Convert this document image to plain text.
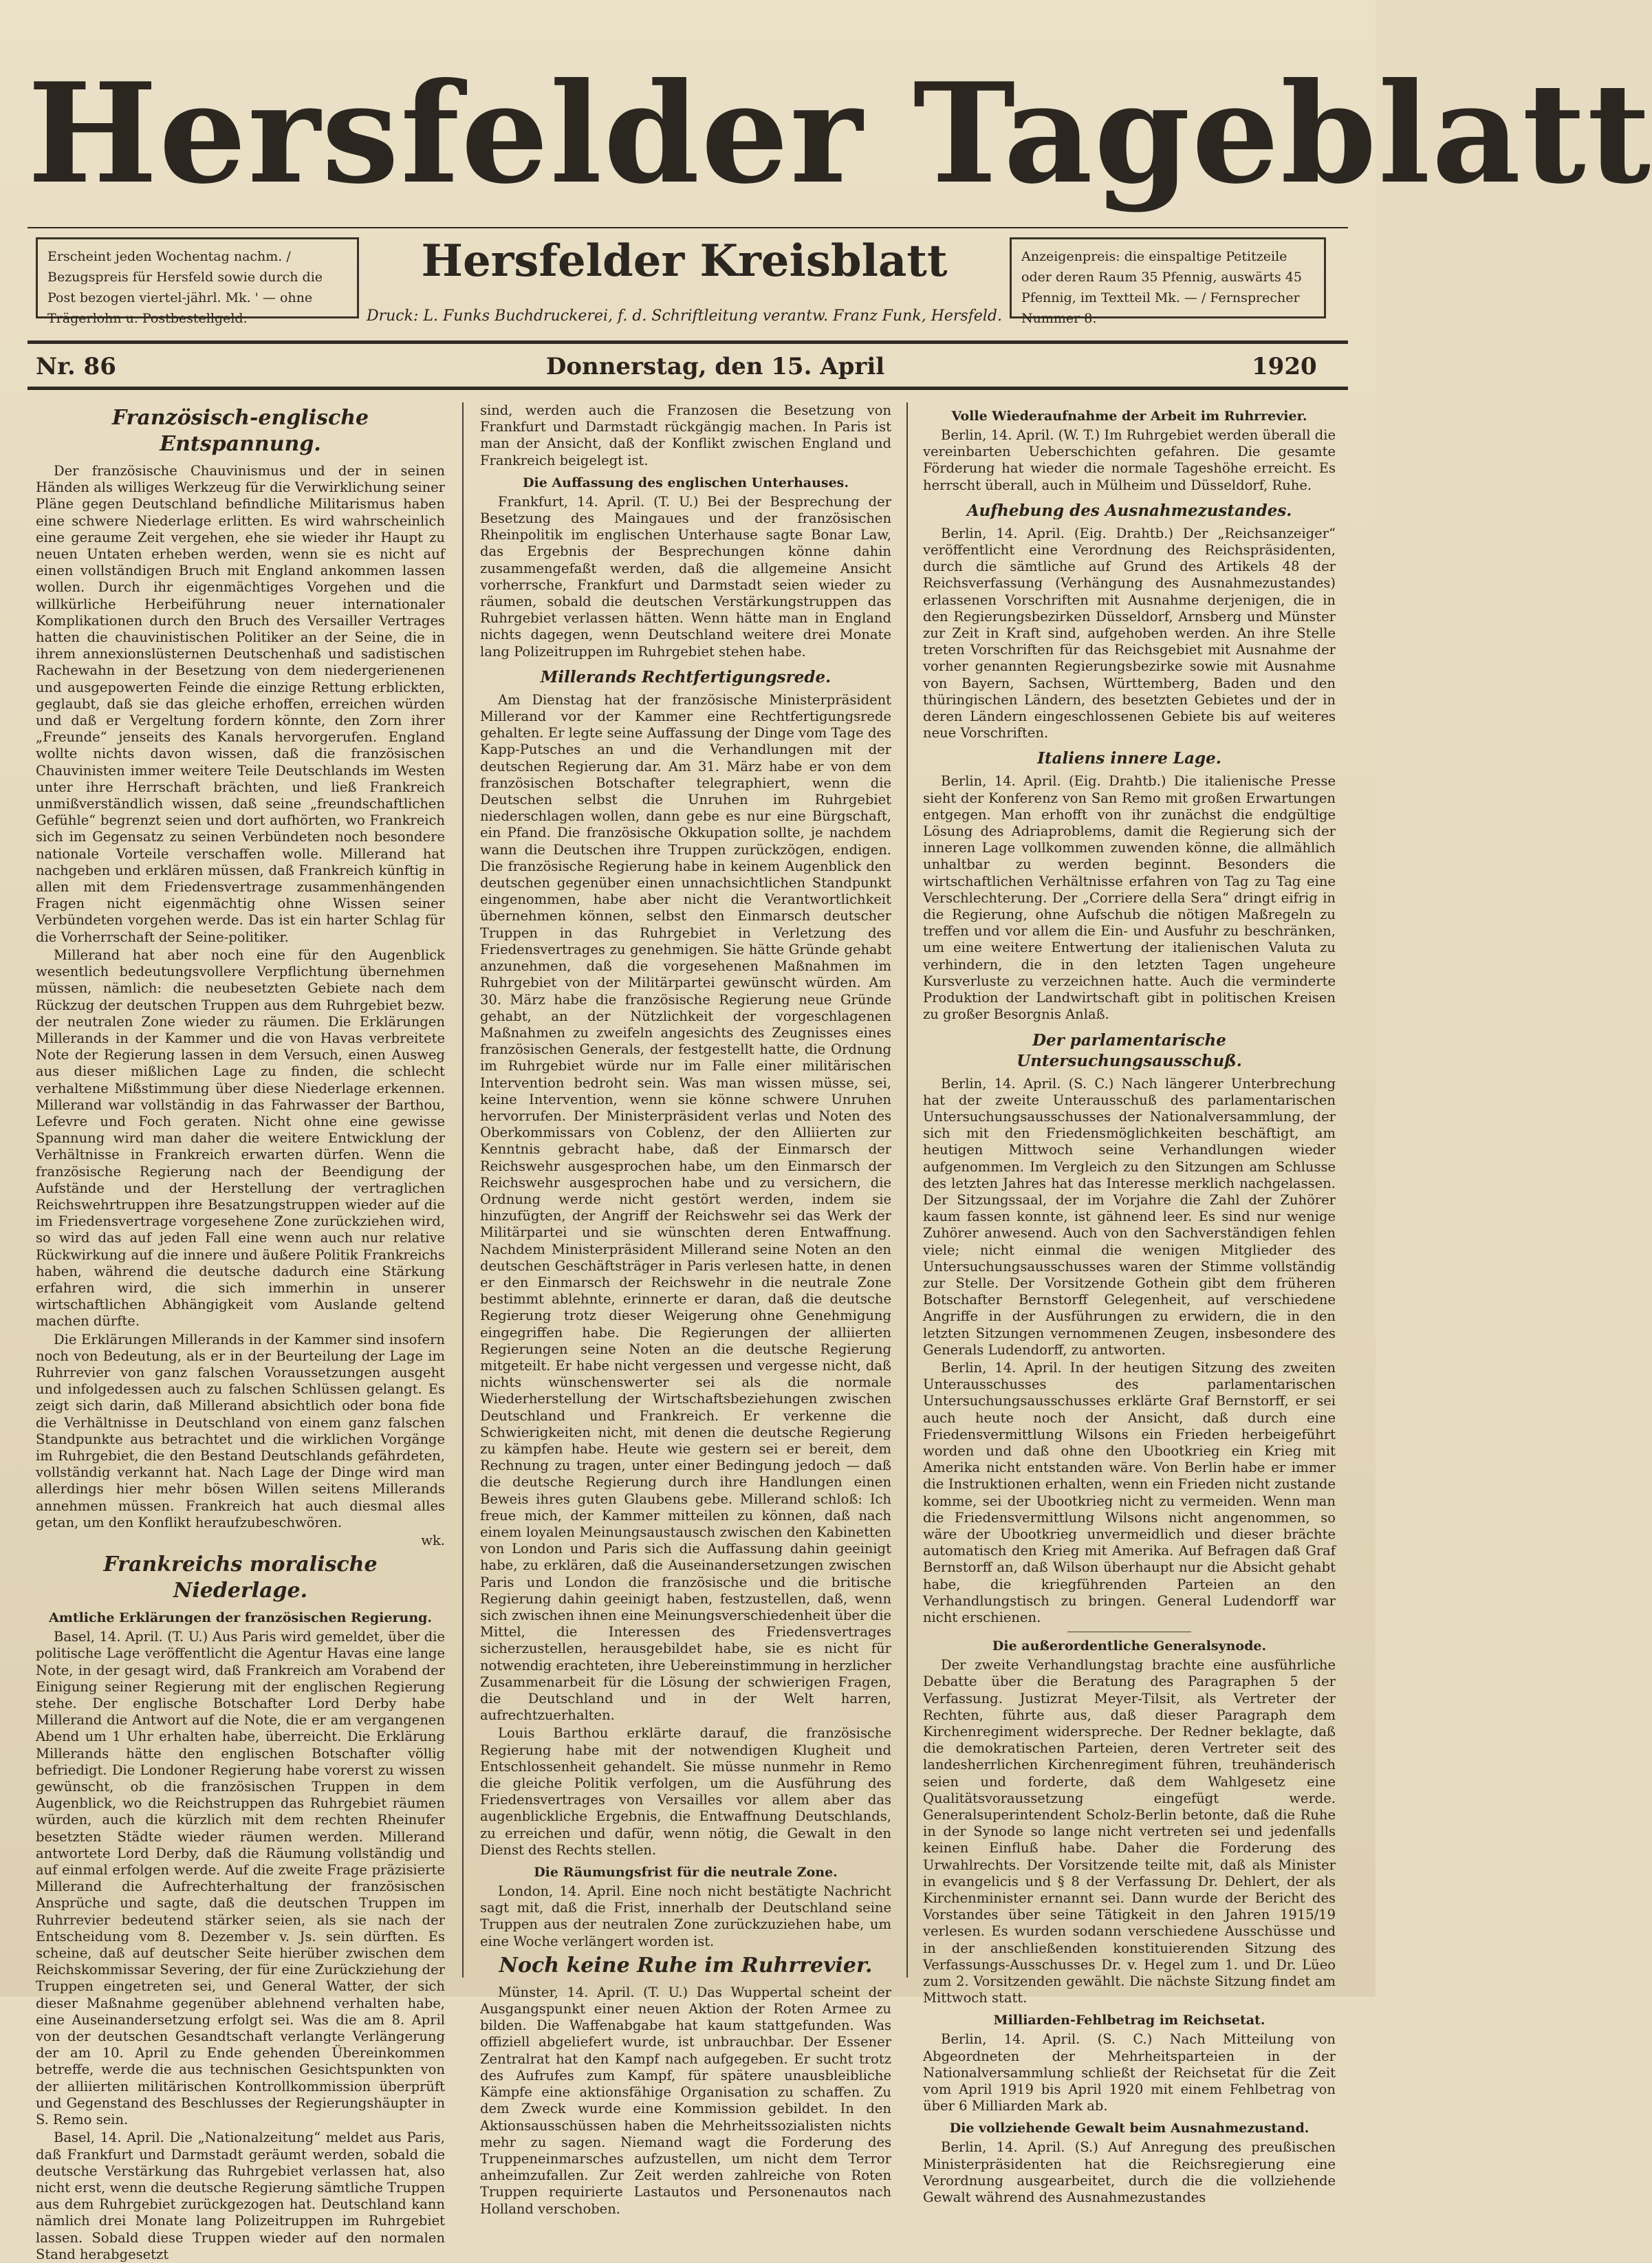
Hersfelder Tageblatt
Erscheint jeden Wochentag nachm. / Bezugspreis für Hersfeld sowie durch die Post bezogen viertel-jährl. Mk. ' — ohne Trägerlohn u. Postbestellgeld.
Hersfelder Kreisblatt
Druck: L. Funks Buchdruckerei, f. d. Schriftleitung verantw. Franz Funk, Hersfeld.
Anzeigenpreis: die einspaltige Petitzeile oder deren Raum 35 Pfennig, auswärts 45 Pfennig, im Textteil Mk. — / Fernsprecher Nummer 8.
Nr. 86	Donnerstag, den 15. April	1920
Französisch-englische Entspannung.

Der französische Chauvinismus und der in seinen Händen als williges Werkzeug für die Verwirklichung seiner Pläne gegen Deutschland befindliche Militarismus haben eine schwere Niederlage erlitten. Es wird wahrscheinlich eine geraume Zeit vergehen, ehe sie wieder ihr Haupt zu neuen Untaten erheben werden, wenn sie es nicht auf einen vollständigen Bruch mit England ankommen lassen wollen. Durch ihr eigenmächtiges Vorgehen und die willkürliche Herbeiführung neuer internationaler Komplikationen durch den Bruch des Versailler Vertrages hatten die chauvinistischen Politiker an der Seine, die in ihrem annexionslüsternen Deutschenhaß und sadistischen Rachewahn in der Besetzung von dem niedergerienenen und ausgepowerten Feinde die einzige Rettung erblickten, geglaubt, daß sie das gleiche erhoffen, erreichen würden und daß er Vergeltung fordern könnte, den Zorn ihrer „Freunde“ jenseits des Kanals hervorgerufen. England wollte nichts davon wissen, daß die französischen Chauvinisten immer weitere Teile Deutschlands im Westen unter ihre Herrschaft brächten, und ließ Frankreich unmißverständlich wissen, daß seine „freundschaftlichen Gefühle“ begrenzt seien und dort aufhörten, wo Frankreich sich im Gegensatz zu seinen Verbündeten noch besondere nationale Vorteile verschaffen wolle. Millerand hat nachgeben und erklären müssen, daß Frankreich künftig in allen mit dem Friedensvertrage zusammenhängenden Fragen nicht eigenmächtig ohne Wissen seiner Verbündeten vorgehen werde. Das ist ein harter Schlag für die Vorherrschaft der Seine-politiker.

Millerand hat aber noch eine für den Augenblick wesentlich bedeutungsvollere Verpflichtung übernehmen müssen, nämlich: die neubesetzten Gebiete nach dem Rückzug der deutschen Truppen aus dem Ruhrgebiet bezw. der neutralen Zone wieder zu räumen. Die Erklärungen Millerands in der Kammer und die von Havas verbreitete Note der Regierung lassen in dem Versuch, einen Ausweg aus dieser mißlichen Lage zu finden, die schlecht verhaltene Mißstimmung über diese Niederlage erkennen. Millerand war vollständig in das Fahrwasser der Barthou, Lefevre und Foch geraten. Nicht ohne eine gewisse Spannung wird man daher die weitere Entwicklung der Verhältnisse in Frankreich erwarten dürfen. Wenn die französische Regierung nach der Beendigung der Aufstände und der Herstellung der vertraglichen Reichswehrtruppen ihre Besatzungstruppen wieder auf die im Friedensvertrage vorgesehene Zone zurückziehen wird, so wird das auf jeden Fall eine wenn auch nur relative Rückwirkung auf die innere und äußere Politik Frankreichs haben, während die deutsche dadurch eine Stärkung erfahren wird, die sich immerhin in unserer wirtschaftlichen Abhängigkeit vom Auslande geltend machen dürfte.

Die Erklärungen Millerands in der Kammer sind insofern noch von Bedeutung, als er in der Beurteilung der Lage im Ruhrrevier von ganz falschen Voraussetzungen ausgeht und infolgedessen auch zu falschen Schlüssen gelangt. Es zeigt sich darin, daß Millerand absichtlich oder bona fide die Verhältnisse in Deutschland von einem ganz falschen Standpunkte aus betrachtet und die wirklichen Vorgänge im Ruhrgebiet, die den Bestand Deutschlands gefährdeten, vollständig verkannt hat. Nach Lage der Dinge wird man allerdings hier mehr bösen Willen seitens Millerands annehmen müssen. Frankreich hat auch diesmal alles getan, um den Konflikt heraufzubeschwören.

wk.
Frankreichs moralische Niederlage.
Amtliche Erklärungen der französischen Regierung.

Basel, 14. April. (T. U.) Aus Paris wird gemeldet, über die politische Lage veröffentlicht die Agentur Havas eine lange Note, in der gesagt wird, daß Frankreich am Vorabend der Einigung seiner Regierung mit der englischen Regierung stehe. Der englische Botschafter Lord Derby habe Millerand die Antwort auf die Note, die er am vergangenen Abend um 1 Uhr erhalten habe, überreicht. Die Erklärung Millerands hätte den englischen Botschafter völlig befriedigt. Die Londoner Regierung habe vorerst zu wissen gewünscht, ob die französischen Truppen in dem Augenblick, wo die Reichstruppen das Ruhrgebiet räumen würden, auch die kürzlich mit dem rechten Rheinufer besetzten Städte wieder räumen werden. Millerand antwortete Lord Derby, daß die Räumung vollständig und auf einmal erfolgen werde. Auf die zweite Frage präzisierte Millerand die Aufrechterhaltung der französischen Ansprüche und sagte, daß die deutschen Truppen im Ruhrrevier bedeutend stärker seien, als sie nach der Entscheidung vom 8. Dezember v. Js. sein dürften. Es scheine, daß auf deutscher Seite hierüber zwischen dem Reichskommissar Severing, der für eine Zurückziehung der Truppen eingetreten sei, und General Watter, der sich dieser Maßnahme gegenüber ablehnend verhalten habe, eine Auseinandersetzung erfolgt sei. Was die am 8. April von der deutschen Gesandtschaft verlangte Verlängerung der am 10. April zu Ende gehenden Übereinkommen betreffe, werde die aus technischen Gesichtspunkten von der alliierten militärischen Kontrollkommission überprüft und Gegenstand des Beschlusses der Regierungshäupter in S. Remo sein.

Basel, 14. April. Die „Nationalzeitung“ meldet aus Paris, daß Frankfurt und Darmstadt geräumt werden, sobald die deutsche Verstärkung das Ruhrgebiet verlassen hat, also nicht erst, wenn die deutsche Regierung sämtliche Truppen aus dem Ruhrgebiet zurückgezogen hat. Deutschland kann nämlich drei Monate lang Polizeitruppen im Ruhrgebiet lassen. Sobald diese Truppen wieder auf den normalen Stand herabgesetzt

sind, werden auch die Franzosen die Besetzung von Frankfurt und Darmstadt rückgängig machen. In Paris ist man der Ansicht, daß der Konflikt zwischen England und Frankreich beigelegt ist.

Die Auffassung des englischen Unterhauses.

Frankfurt, 14. April. (T. U.) Bei der Besprechung der Besetzung des Maingaues und der französischen Rheinpolitik im englischen Unterhause sagte Bonar Law, das Ergebnis der Besprechungen könne dahin zusammengefaßt werden, daß die allgemeine Ansicht vorherrsche, Frankfurt und Darmstadt seien wieder zu räumen, sobald die deutschen Verstärkungstruppen das Ruhrgebiet verlassen hätten. Wenn hätte man in England nichts dagegen, wenn Deutschland weitere drei Monate lang Polizeitruppen im Ruhrgebiet stehen habe.

Millerands Rechtfertigungsrede.

Am Dienstag hat der französische Ministerpräsident Millerand vor der Kammer eine Rechtfertigungsrede gehalten. Er legte seine Auffassung der Dinge vom Tage des Kapp-Putsches an und die Verhandlungen mit der deutschen Regierung dar. Am 31. März habe er von dem französischen Botschafter telegraphiert, wenn die Deutschen selbst die Unruhen im Ruhrgebiet niederschlagen wollen, dann gebe es nur eine Bürgschaft, ein Pfand. Die französische Okkupation sollte, je nachdem wann die Deutschen ihre Truppen zurückzögen, endigen. Die französische Regierung habe in keinem Augenblick den deutschen gegenüber einen unnachsichtlichen Standpunkt eingenommen, habe aber nicht die Verantwortlichkeit übernehmen können, selbst den Einmarsch deutscher Truppen in das Ruhrgebiet in Verletzung des Friedensvertrages zu genehmigen. Sie hätte Gründe gehabt anzunehmen, daß die vorgesehenen Maßnahmen im Ruhrgebiet von der Militärpartei gewünscht würden. Am 30. März habe die französische Regierung neue Gründe gehabt, an der Nützlichkeit der vorgeschlagenen Maßnahmen zu zweifeln angesichts des Zeugnisses eines französischen Generals, der festgestellt hatte, die Ordnung im Ruhrgebiet würde nur im Falle einer militärischen Intervention bedroht sein. Was man wissen müsse, sei, keine Intervention, wenn sie könne schwere Unruhen hervorrufen. Der Ministerpräsident verlas und Noten des Oberkommissars von Coblenz, der den Alliierten zur Kenntnis gebracht habe, daß der Einmarsch der Reichswehr ausgesprochen habe, um den Einmarsch der Reichswehr ausgesprochen habe und zu versichern, die Ordnung werde nicht gestört werden, indem sie hinzufügten, der Angriff der Reichswehr sei das Werk der Militärpartei und sie wünschten deren Entwaffnung. Nachdem Ministerpräsident Millerand seine Noten an den deutschen Geschäftsträger in Paris verlesen hatte, in denen er den Einmarsch der Reichswehr in die neutrale Zone bestimmt ablehnte, erinnerte er daran, daß die deutsche Regierung trotz dieser Weigerung ohne Genehmigung eingegriffen habe. Die Regierungen der alliierten Regierungen seine Noten an die deutsche Regierung mitgeteilt. Er habe nicht vergessen und vergesse nicht, daß nichts wünschenswerter sei als die normale Wiederherstellung der Wirtschaftsbeziehungen zwischen Deutschland und Frankreich. Er verkenne die Schwierigkeiten nicht, mit denen die deutsche Regierung zu kämpfen habe. Heute wie gestern sei er bereit, dem Rechnung zu tragen, unter einer Bedingung jedoch — daß die deutsche Regierung durch ihre Handlungen einen Beweis ihres guten Glaubens gebe. Millerand schloß: Ich freue mich, der Kammer mitteilen zu können, daß nach einem loyalen Meinungsaustausch zwischen den Kabinetten von London und Paris sich die Auffassung dahin geeinigt habe, zu erklären, daß die Auseinandersetzungen zwischen Paris und London die französische und die britische Regierung dahin geeinigt haben, festzustellen, daß, wenn sich zwischen ihnen eine Meinungsverschiedenheit über die Mittel, die Interessen des Friedensvertrages sicherzustellen, herausgebildet habe, sie es nicht für notwendig erachteten, ihre Uebereinstimmung in herzlicher Zusammenarbeit für die Lösung der schwierigen Fragen, die Deutschland und in der Welt harren, aufrechtzuerhalten.

Louis Barthou erklärte darauf, die französische Regierung habe mit der notwendigen Klugheit und Entschlossenheit gehandelt. Sie müsse nunmehr in Remo die gleiche Politik verfolgen, um die Ausführung des Friedensvertrages von Versailles vor allem aber das augenblickliche Ergebnis, die Entwaffnung Deutschlands, zu erreichen und dafür, wenn nötig, die Gewalt in den Dienst des Rechts stellen.

Die Räumungsfrist für die neutrale Zone.

London, 14. April. Eine noch nicht bestätigte Nachricht sagt mit, daß die Frist, innerhalb der Deutschland seine Truppen aus der neutralen Zone zurückzuziehen habe, um eine Woche verlängert worden ist.

Noch keine Ruhe im Ruhrrevier.

Münster, 14. April. (T. U.) Das Wuppertal scheint der Ausgangspunkt einer neuen Aktion der Roten Armee zu bilden. Die Waffenabgabe hat kaum stattgefunden. Was offiziell abgeliefert wurde, ist unbrauchbar. Der Essener Zentralrat hat den Kampf nach aufgegeben. Er sucht trotz des Aufrufes zum Kampf, für spätere unausbleibliche Kämpfe eine aktionsfähige Organisation zu schaffen. Zu dem Zweck wurde eine Kommission gebildet. In den Aktionsausschüssen haben die Mehrheitssozialisten nichts mehr zu sagen. Niemand wagt die Forderung des Truppeneinmarsches aufzustellen, um nicht dem Terror anheimzufallen. Zur Zeit werden zahlreiche von Roten Truppen requirierte Lastautos und Personenautos nach Holland verschoben.

Volle Wiederaufnahme der Arbeit im Ruhrrevier.

Berlin, 14. April. (W. T.) Im Ruhrgebiet werden überall die vereinbarten Ueberschichten gefahren. Die gesamte Förderung hat wieder die normale Tageshöhe erreicht. Es herrscht überall, auch in Mülheim und Düsseldorf, Ruhe.

Aufhebung des Ausnahmezustandes.

Berlin, 14. April. (Eig. Drahtb.) Der „Reichsanzeiger“ veröffentlicht eine Verordnung des Reichspräsidenten, durch die sämtliche auf Grund des Artikels 48 der Reichsverfassung (Verhängung des Ausnahmezustandes) erlassenen Vorschriften mit Ausnahme derjenigen, die in den Regierungsbezirken Düsseldorf, Arnsberg und Münster zur Zeit in Kraft sind, aufgehoben werden. An ihre Stelle treten Vorschriften für das Reichsgebiet mit Ausnahme der vorher genannten Regierungsbezirke sowie mit Ausnahme von Bayern, Sachsen, Württemberg, Baden und den thüringischen Ländern, des besetzten Gebietes und der in deren Ländern eingeschlossenen Gebiete bis auf weiteres neue Vorschriften.

Italiens innere Lage.

Berlin, 14. April. (Eig. Drahtb.) Die italienische Presse sieht der Konferenz von San Remo mit großen Erwartungen entgegen. Man erhofft von ihr zunächst die endgültige Lösung des Adriaproblems, damit die Regierung sich der inneren Lage vollkommen zuwenden könne, die allmählich unhaltbar zu werden beginnt. Besonders die wirtschaftlichen Verhältnisse erfahren von Tag zu Tag eine Verschlechterung. Der „Corriere della Sera“ dringt eifrig in die Regierung, ohne Aufschub die nötigen Maßregeln zu treffen und vor allem die Ein- und Ausfuhr zu beschränken, um eine weitere Entwertung der italienischen Valuta zu verhindern, die in den letzten Tagen ungeheure Kursverluste zu verzeichnen hatte. Auch die verminderte Produktion der Landwirtschaft gibt in politischen Kreisen zu großer Besorgnis Anlaß.

Der parlamentarische Untersuchungsausschuß.

Berlin, 14. April. (S. C.) Nach längerer Unterbrechung hat der zweite Unterausschuß des parlamentarischen Untersuchungsausschusses der Nationalversammlung, der sich mit den Friedensmöglichkeiten beschäftigt, am heutigen Mittwoch seine Verhandlungen wieder aufgenommen. Im Vergleich zu den Sitzungen am Schlusse des letzten Jahres hat das Interesse merklich nachgelassen. Der Sitzungssaal, der im Vorjahre die Zahl der Zuhörer kaum fassen konnte, ist gähnend leer. Es sind nur wenige Zuhörer anwesend. Auch von den Sachverständigen fehlen viele; nicht einmal die wenigen Mitglieder des Untersuchungsausschusses waren der Stimme vollständig zur Stelle. Der Vorsitzende Gothein gibt dem früheren Botschafter Bernstorff Gelegenheit, auf verschiedene Angriffe in der Ausführungen zu erwidern, die in den letzten Sitzungen vernommenen Zeugen, insbesondere des Generals Ludendorff, zu antworten.

Berlin, 14. April. In der heutigen Sitzung des zweiten Unterausschusses des parlamentarischen Untersuchungsausschusses erklärte Graf Bernstorff, er sei auch heute noch der Ansicht, daß durch eine Friedensvermittlung Wilsons ein Frieden herbeigeführt worden und daß ohne den Ubootkrieg ein Krieg mit Amerika nicht entstanden wäre. Von Berlin habe er immer die Instruktionen erhalten, wenn ein Frieden nicht zustande komme, sei der Ubootkrieg nicht zu vermeiden. Wenn man die Friedensvermittlung Wilsons nicht angenommen, so wäre der Ubootkrieg unvermeidlich und dieser brächte automatisch den Krieg mit Amerika. Auf Befragen daß Graf Bernstorff an, daß Wilson überhaupt nur die Absicht gehabt habe, die kriegführenden Parteien an den Verhandlungstisch zu bringen. General Ludendorff war nicht erschienen.

Die außerordentliche Generalsynode.

Der zweite Verhandlungstag brachte eine ausführliche Debatte über die Beratung des Paragraphen 5 der Verfassung. Justizrat Meyer-Tilsit, als Vertreter der Rechten, führte aus, daß dieser Paragraph dem Kirchenregiment widerspreche. Der Redner beklagte, daß die demokratischen Parteien, deren Vertreter seit des landesherrlichen Kirchenregiment führen, treuhänderisch seien und forderte, daß dem Wahlgesetz eine Qualitätsvoraussetzung eingefügt werde. Generalsuperintendent Scholz-Berlin betonte, daß die Ruhe in der Synode so lange nicht vertreten sei und jedenfalls keinen Einfluß habe. Daher die Forderung des Urwahlrechts. Der Vorsitzende teilte mit, daß als Minister in evangelicis und § 8 der Verfassung Dr. Dehlert, der als Kirchenminister ernannt sei. Dann wurde der Bericht des Vorstandes über seine Tätigkeit in den Jahren 1915/19 verlesen. Es wurden sodann verschiedene Ausschüsse und in der anschließenden konstituierenden Sitzung des Verfassungs-Ausschusses Dr. v. Hegel zum 1. und Dr. Lüeo zum 2. Vorsitzenden gewählt. Die nächste Sitzung findet am Mittwoch statt.

Milliarden-Fehlbetrag im Reichsetat.

Berlin, 14. April. (S. C.) Nach Mitteilung von Abgeordneten der Mehrheitsparteien in der Nationalversammlung schließt der Reichsetat für die Zeit vom April 1919 bis April 1920 mit einem Fehlbetrag von über 6 Milliarden Mark ab.

Die vollziehende Gewalt beim Ausnahmezustand.

Berlin, 14. April. (S.) Auf Anregung des preußischen Ministerpräsidenten hat die Reichsregierung eine Verordnung ausgearbeitet, durch die die vollziehende Gewalt während des Ausnahmezustandes
